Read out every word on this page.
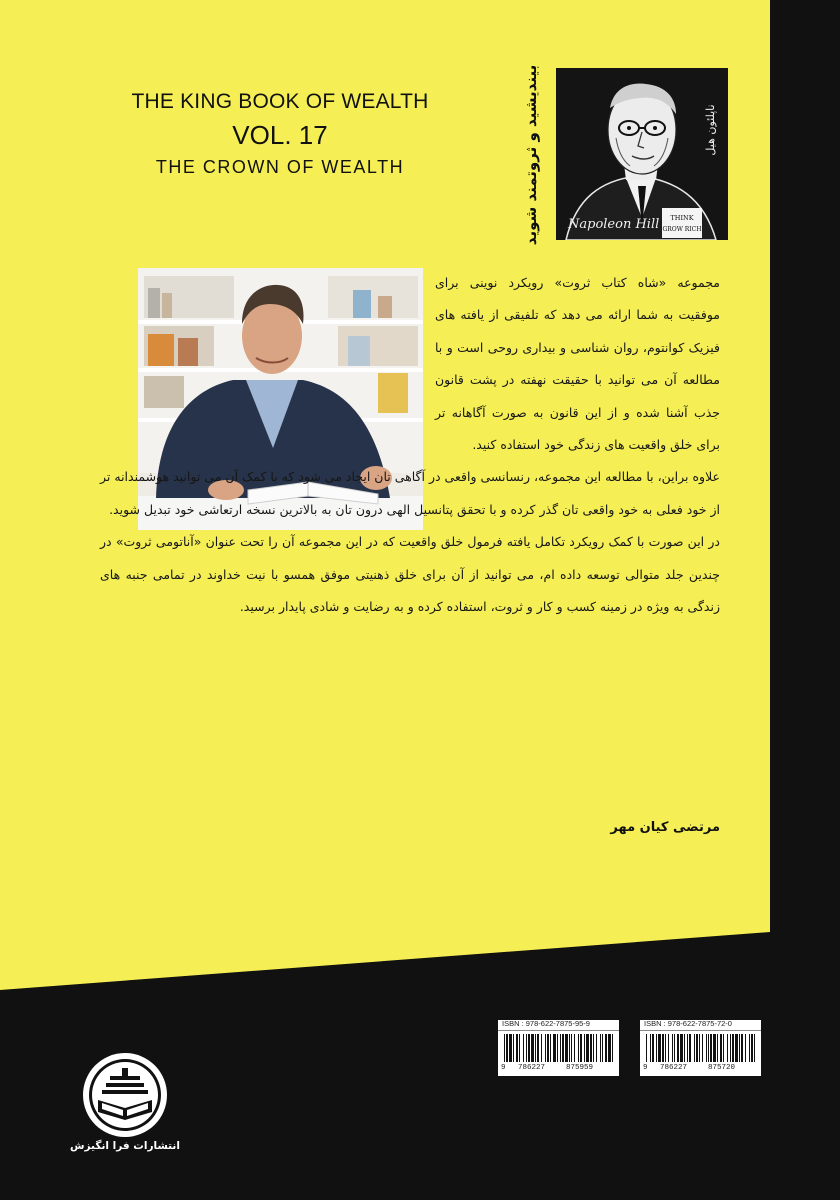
THE KING BOOK OF WEALTH
VOL. 17
THE CROWN OF WEALTH	بیندیشید و ثروتمند شوید	THINK
GROW RICH
Napoleon Hill
ناپلئون هیل

مجموعه «شاه کتاب ثروت» رویکرد نوینی برای موفقیت به شما ارائه می دهد که تلفیقی از یافته های فیزیک کوانتوم، روان شناسی و بیداری روحی است و با مطالعه آن می توانید با حقیقت نهفته در پشت قانون جذب آشنا شده و از این قانون به صورت آگاهانه تر برای خلق واقعیت های زندگی خود استفاده کنید.

علاوه براین، با مطالعه این مجموعه، رنسانسی واقعی در آگاهی تان ایجاد می شود که با کمک آن می توانید هوشمندانه تر از خود فعلی به خود واقعی تان گذر کرده و با تحقق پتانسیل الهی درون تان به بالاترین نسخه ارتعاشی خود تبدیل شوید.

در این صورت با کمک رویکرد تکامل یافته فرمول خلق واقعیت که در این مجموعه آن را تحت عنوان «آناتومی ثروت» در چندین جلد متوالی توسعه داده ام، می توانید از آن برای خلق ذهنیتی موفق همسو با نیت خداوند در تمامی جنبه های زندگی به ویژه در زمینه کسب و کار و ثروت، استفاده کرده و به رضایت و شادی پایدار برسید.

مرتضی کیان مهر
ISBN : 978-622-7875-95-9
9 786227	875959
ISBN : 978-622-7875-72-0
9 786227	875720
انتشارات فرا انگیزش
